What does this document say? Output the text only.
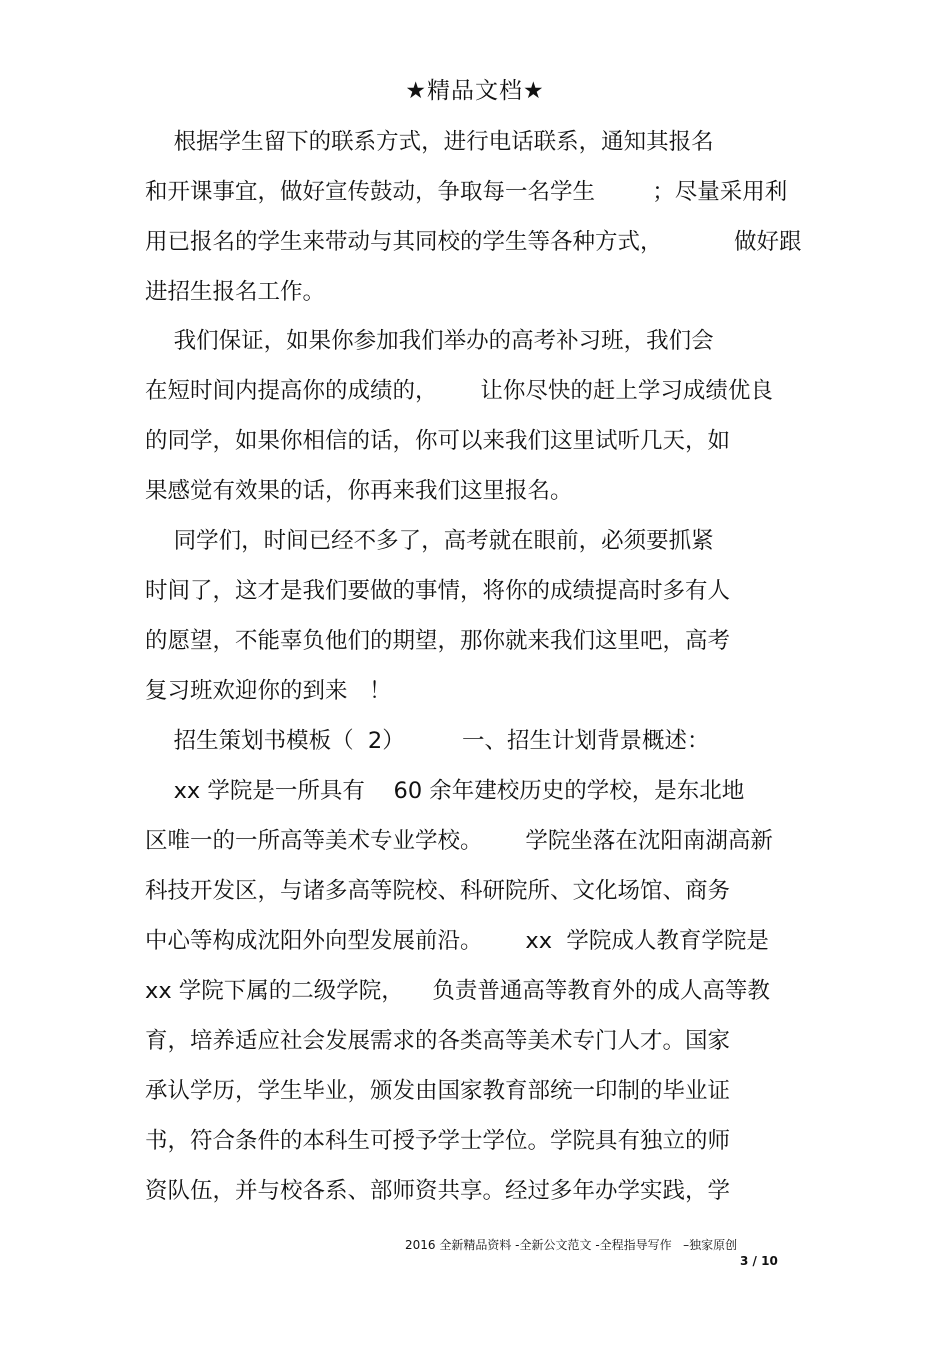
★精品文档★
根据学生留下的联系方式，进行电话联系，通知其报名
和开课事宜，做好宣传鼓动，争取每一名学生        ；尽量采用利
用已报名的学生来带动与其同校的学生等各种方式，          做好跟
进招生报名工作。
我们保证，如果你参加我们举办的高考补习班，我们会
在短时间内提高你的成绩的，      让你尽快的赶上学习成绩优良
的同学，如果你相信的话，你可以来我们这里试听几天，如
果感觉有效果的话，你再来我们这里报名。
同学们，时间已经不多了，高考就在眼前，必须要抓紧
时间了，这才是我们要做的事情，将你的成绩提高时多有人
的愿望，不能辜负他们的期望，那你就来我们这里吧，高考
复习班欢迎你的到来   ！
招生策划书模板（  2）        一、招生计划背景概述：
xx 学院是一所具有    60 余年建校历史的学校，是东北地
区唯一的一所高等美术专业学校。      学院坐落在沈阳南湖高新
科技开发区，与诸多高等院校、科研院所、文化场馆、商务
中心等构成沈阳外向型发展前沿。      xx  学院成人教育学院是
xx 学院下属的二级学院，    负责普通高等教育外的成人高等教
育，培养适应社会发展需求的各类高等美术专门人才。国家
承认学历，学生毕业，颁发由国家教育部统一印制的毕业证
书，符合条件的本科生可授予学士学位。学院具有独立的师
资队伍，并与校各系、部师资共享。经过多年办学实践，学
2016 全新精品资料 -全新公文范文 -全程指导写作   –独家原创
3 / 10
